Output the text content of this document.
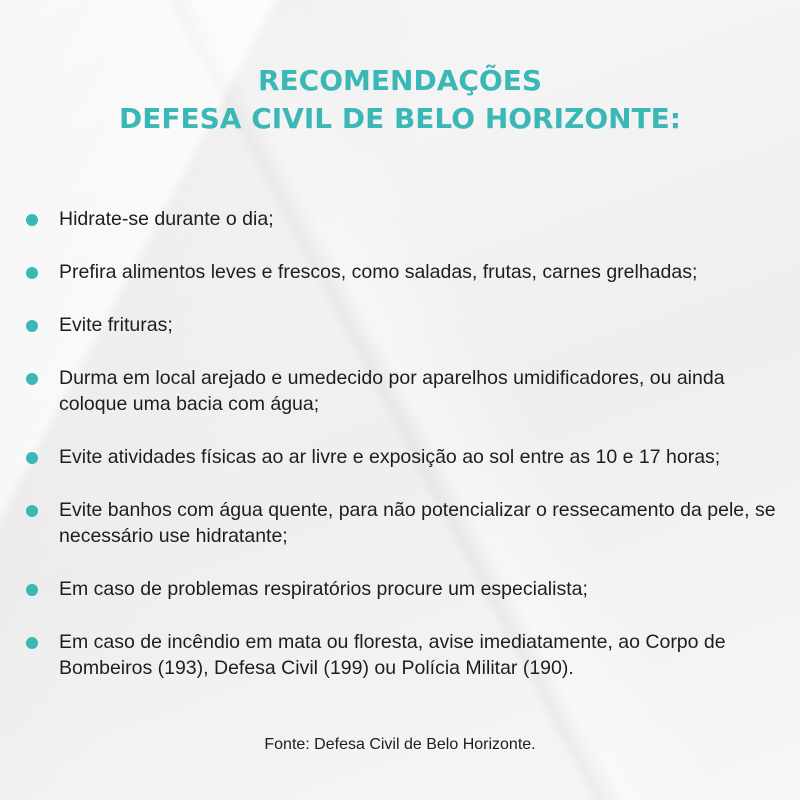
RECOMENDAÇÕES
DEFESA CIVIL DE BELO HORIZONTE:
Hidrate-se durante o dia;
Prefira alimentos leves e frescos, como saladas, frutas, carnes grelhadas;
Evite frituras;
Durma em local arejado e umedecido por aparelhos umidificadores, ou ainda coloque uma bacia com água;
Evite atividades físicas ao ar livre e exposição ao sol entre as 10 e 17 horas;
Evite banhos com água quente, para não potencializar o ressecamento da pele, se necessário use hidratante;
Em caso de problemas respiratórios procure um especialista;
Em caso de incêndio em mata ou floresta, avise imediatamente, ao Corpo de Bombeiros (193), Defesa Civil (199) ou Polícia Militar (190).
Fonte: Defesa Civil de Belo Horizonte.
